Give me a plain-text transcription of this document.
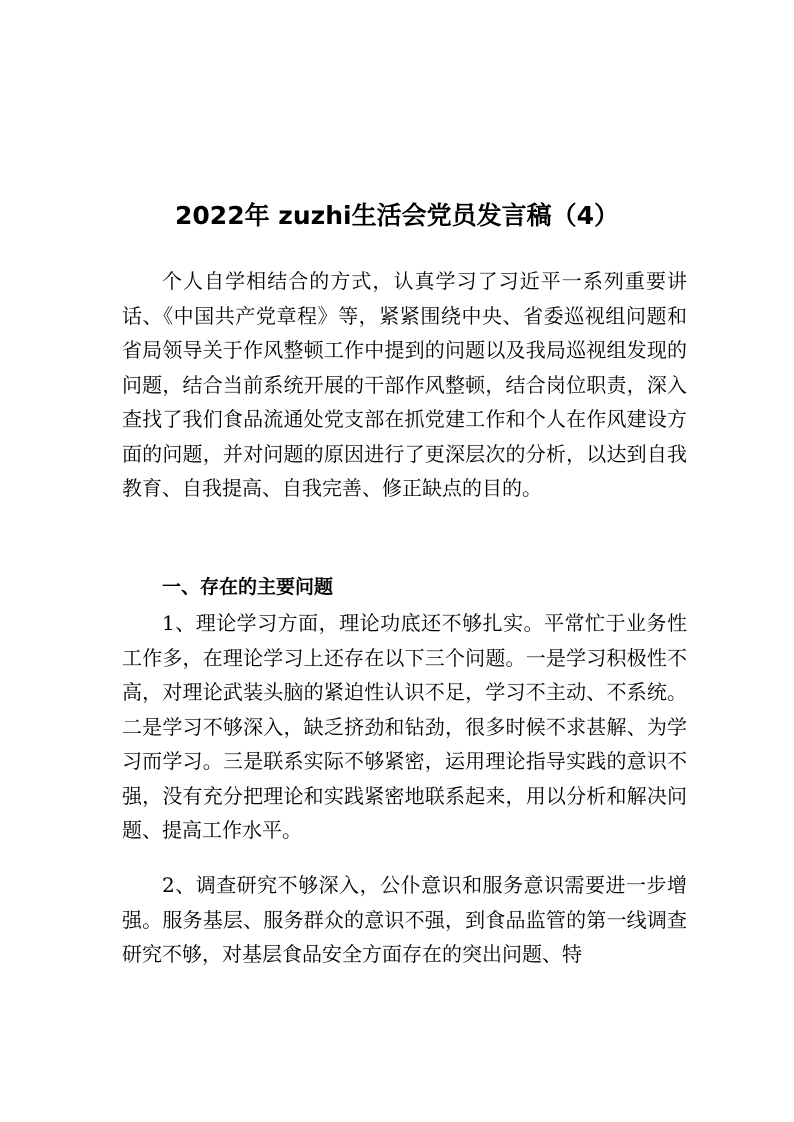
2022年 zuzhi生活会党员发言稿（4）

个人自学相结合的方式，认真学习了习近平一系列重要讲话、《中国共产党章程》等，紧紧围绕中央、省委巡视组问题和省局领导关于作风整顿工作中提到的问题以及我局巡视组发现的问题，结合当前系统开展的干部作风整顿，结合岗位职责，深入查找了我们食品流通处党支部在抓党建工作和个人在作风建设方面的问题，并对问题的原因进行了更深层次的分析，以达到自我教育、自我提高、自我完善、修正缺点的目的。

一、存在的主要问题

1、理论学习方面，理论功底还不够扎实。平常忙于业务性工作多，在理论学习上还存在以下三个问题。一是学习积极性不高，对理论武装头脑的紧迫性认识不足，学习不主动、不系统。二是学习不够深入，缺乏挤劲和钻劲，很多时候不求甚解、为学习而学习。三是联系实际不够紧密，运用理论指导实践的意识不强，没有充分把理论和实践紧密地联系起来，用以分析和解决问题、提高工作水平。

2、调查研究不够深入，公仆意识和服务意识需要进一步增强。服务基层、服务群众的意识不强，到食品监管的第一线调查研究不够，对基层食品安全方面存在的突出问题、特
